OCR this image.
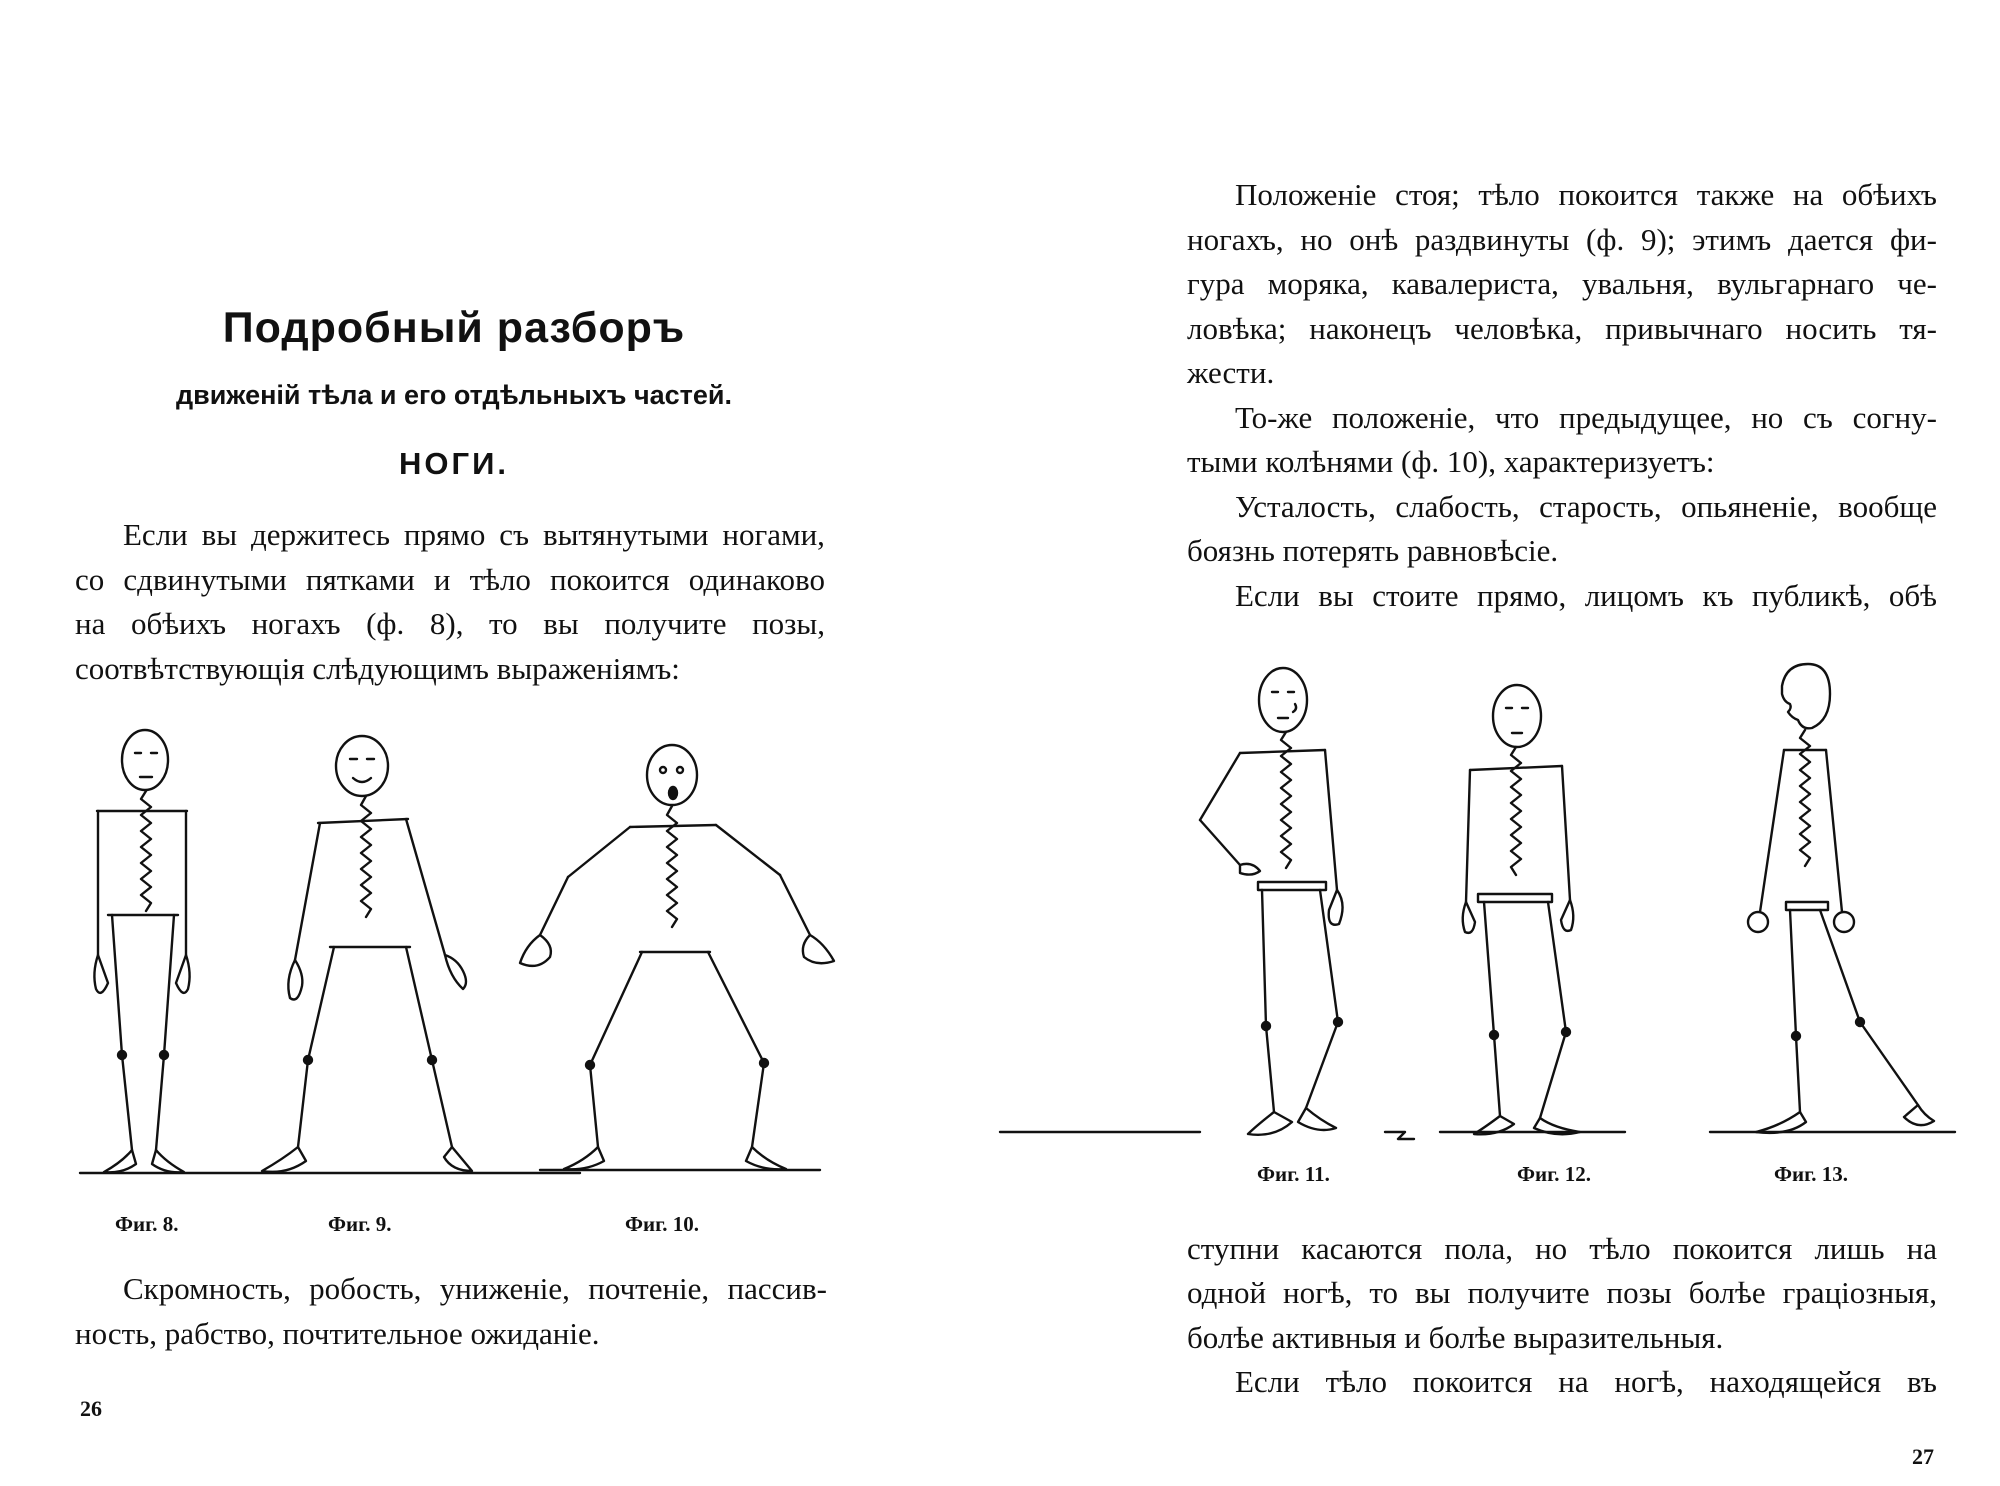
Подробный разборъ
движеній тѣла и его отдѣльныхъ частей.
НОГИ.
Если вы держитесь прямо съ вытянутыми ногами,
со сдвинутыми пятками и тѣло покоится одинаково
на обѣихъ ногахъ (ф. 8), то вы получите позы,
соотвѣтствующія слѣдующимъ выраженіямъ:
Фиг. 8.	Фиг. 9.	Фиг. 10.
Скромность, робость, униженіе, почтеніе, пассив-
ность, рабство, почтительное ожиданіе.
26
Положеніе стоя; тѣло покоится также на обѣихъ
ногахъ, но онѣ раздвинуты (ф. 9); этимъ дается фи-
гура моряка, кавалериста, увальня, вульгарнаго че-
ловѣка; наконецъ человѣка, привычнаго носить тя-
жести.
То-же положеніе, что предыдущее, но съ согну-
тыми колѣнями (ф. 10), характеризуетъ:
Усталость, слабость, старость, опьяненіе, вообще
боязнь потерять равновѣсіе.
Если вы стоите прямо, лицомъ къ публикѣ, обѣ
Фиг. 11.	Фиг. 12.	Фиг. 13.
ступни касаются пола, но тѣло покоится лишь на
одной ногѣ, то вы получите позы болѣе граціозныя,
болѣе активныя и болѣе выразительныя.
Если тѣло покоится на ногѣ, находящейся въ
27
